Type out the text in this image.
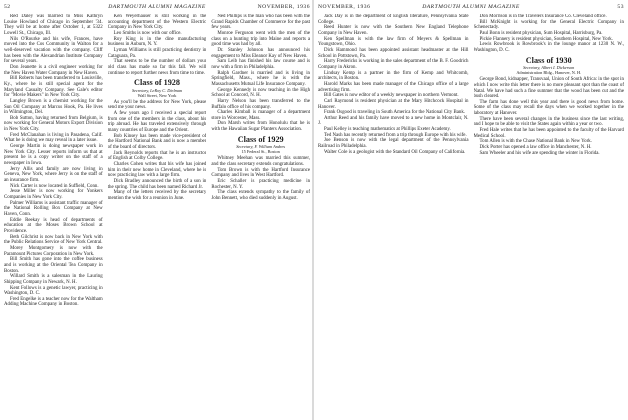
52	DARTMOUTH ALUMNI MAGAZINE	NOVEMBER, 1936

Red Daley was married to Miss Kathryn Louise Howland of Chicago in September '34. They will be at home after October 1, at 5322 Lowell St., Chicago, Ill.

Nils O'Rourke and his wife, Frances, have moved into the Cos Community in Walton for a well-deserved vacation with the company. Cliff has been with the Alexandrian Institute Company for several years.

Don Jeanette is a civil engineer working for the New Haven Water Company in New Haven.

Bill Roberts has been transferred to Louisville, Ky., where he is still special agent for the Maryland Casualty Company. See Gale's editor for "Movie Makers" in New York City.

Langley Brown is a chemist working for the Sun Oil Company at Marcus Hook, Pa. He lives in Wilmington, Del.

Bob Sutton, having returned from Belgium, is now working for General Motors Export Division in New York City.

Fred McClanahan is living in Pasadena, Calif. What he is doing we may reveal in a later issue.

George Martin is doing newspaper work in New York City. Lesser reports inform us that at present he is a copy writer on the staff of a newspaper in Iowa.

Jerry Allis and family are now living in Geneva, New York, where Jerry is on the staff of an insurance firm.

Nick Carter is now located in Suffield, Conn.

Jesse Miller is now working for Yonkers Companies in New York City.

Palmer Williams is assistant traffic manager of the National Rolling Box Company at New Haven, Conn.

Eddie Reekay is head of departments of education at the Moses Brown School at Providence.

Beth Gilchrist is now back in New York with the Public Relations Service of New York Central.

Morey Montgomery is now with the Paramount Pictures Corporation in New York.

Bill Smith has gone into the coffee business and is working at the Oriental Tea Company in Boston.

Willard Smith is a salesman in the Lauring Shipping Company in Newark, N. H.

Kent Follows is a genetic lawyer, practicing in Washington, D. C.

Fred Engelke is a teacher now for the Waltham Adding Machine Company in Boston.

Ken Weyerhauser is still working in the accounting department of the Western Electric Company in New York City.

Leo Smiths is now with our office.

Roy King is in the dine manufacturing business in Auburn, N. Y.

Lyman Williams is still practicing dentistry in Cataguara, Pa.

That seems to be the number of dollars your old class has made so far this fall. We will continue to report further news from time to time.

Class of 1928

Secretary, LeRoy C. Dielman

Wall Street, New York

As you'll be the address for New York, please send me your news.

A few years ago I received a special report from one of the members in the class, about his trip abroad. He has traveled extensively through many countries of Europe and the Orient.

Bob Kinsey has been made vice-president of the Hartford National Bank and is now a member of the board of directors.

Jack Reynolds reports that he is an instructor of English at Colby College.

Charles Cohen writes that his wife has joined him in their new home in Cleveland, where he is now practicing law with a large firm.

Dick Bradley announced the birth of a son in the spring. The child has been named Richard Jr.

Many of the letters received by the secretary mention the wish for a reunion in June.

Ned Phillips is the man who has been with the Grand Rapids Chamber of Commerce for the past few years.

Monroe Ferguson went with the men of the class on a hunting trip into Maine and reports a good time was had by all.

Dr. Stanley Johnson has announced his engagement to Miss Eleanor Kay of New Haven.

Sam Leib has finished his law course and is now with a firm in Philadelphia.

Ralph Gardner is married and is living in Springfield, Mass., where he is with the Massachusetts Mutual Life Insurance Company.

George Kennedy is now teaching in the High School at Concord, N. H.

Harry Nelson has been transferred to the Buffalo office of his company.

Charles Kimball is manager of a department store in Worcester, Mass.

Don Marsh writes from Honolulu that he is with the Hawaiian Sugar Planters Association.

Class of 1929

Secretary, F. William Andres

15 Federal St., Boston

Whitney Meehan was married this summer, and the class secretary extends congratulations.

Tom Brown is with the Hartford Insurance Company and lives in West Hartford.

Eric Schaller is practicing medicine in Rochester, N. Y.

The class extends sympathy to the family of John Bennett, who died suddenly in August.

NOVEMBER, 1936	DARTMOUTH ALUMNI MAGAZINE	53

Jack Day is in the department of English literature, Pennsylvania State College.

Reed Hunter is now with the Southern New England Telephone Company in New Haven.

Ken Spellman is with the law firm of Meyers & Spellman in Youngstown, Ohio.

Dick Hammond has been appointed assistant headmaster at the Hill School in Pottstown, Pa.

Harry Fredericks is working in the sales department of the B. F. Goodrich Company in Akron.

Lindsay Kemp is a partner in the firm of Kemp and Whitcomb, architects, in Boston.

Harold Marks has been made manager of the Chicago office of a large advertising firm.

Bill Gates is now editor of a weekly newspaper in northern Vermont.

Carl Raymond is resident physician at the Mary Hitchcock Hospital in Hanover.

Frank Osgood is traveling in South America for the National City Bank.

Arthur Reed and his family have moved to a new home in Montclair, N. J.

Paul Kelley is teaching mathematics at Phillips Exeter Academy.

Ted Nash has recently returned from a trip through Europe with his wife.

Joe Benson is now with the legal department of the Pennsylvania Railroad in Philadelphia.

Walter Cole is a geologist with the Standard Oil Company of California.

Don Morrison is in the Travelers Insurance Co. Cleveland office.

Bill McKnight is working for the General Electric Company in Schenectady.

Paul Bonn is resident physician, Sum Hospital, Harrisburg, Pa.

Pickie Flannery is resident physician, Southern Hospital, New York.

Lewis Rowbrook is Rowbrook's in the lounge manor at 1230 N. W., Washington, D. C.

Class of 1930

Secretary, Albert I. Dickerson

Administration Bldg., Hanover, N. H.

George Bond, kidnapper, Transvaal, Union of South Africa: in the spot in which I now write this letter there is no more pleasant spot than the coast of Natal. We have had such a fine summer that the wood has been cut and the bush cleared.

The farm has done well this year and there is good news from home. Some of the class may recall the days when we worked together in the laboratory at Hanover.

There have been several changes in the business since the last writing, and I hope to be able to visit the States again within a year or two.

Fred Hale writes that he has been appointed to the faculty of the Harvard Medical School.

Tom Allen is with the Chase National Bank in New York.

Dick Porter has opened a law office in Manchester, N. H.

Sam Wheeler and his wife are spending the winter in Florida.
